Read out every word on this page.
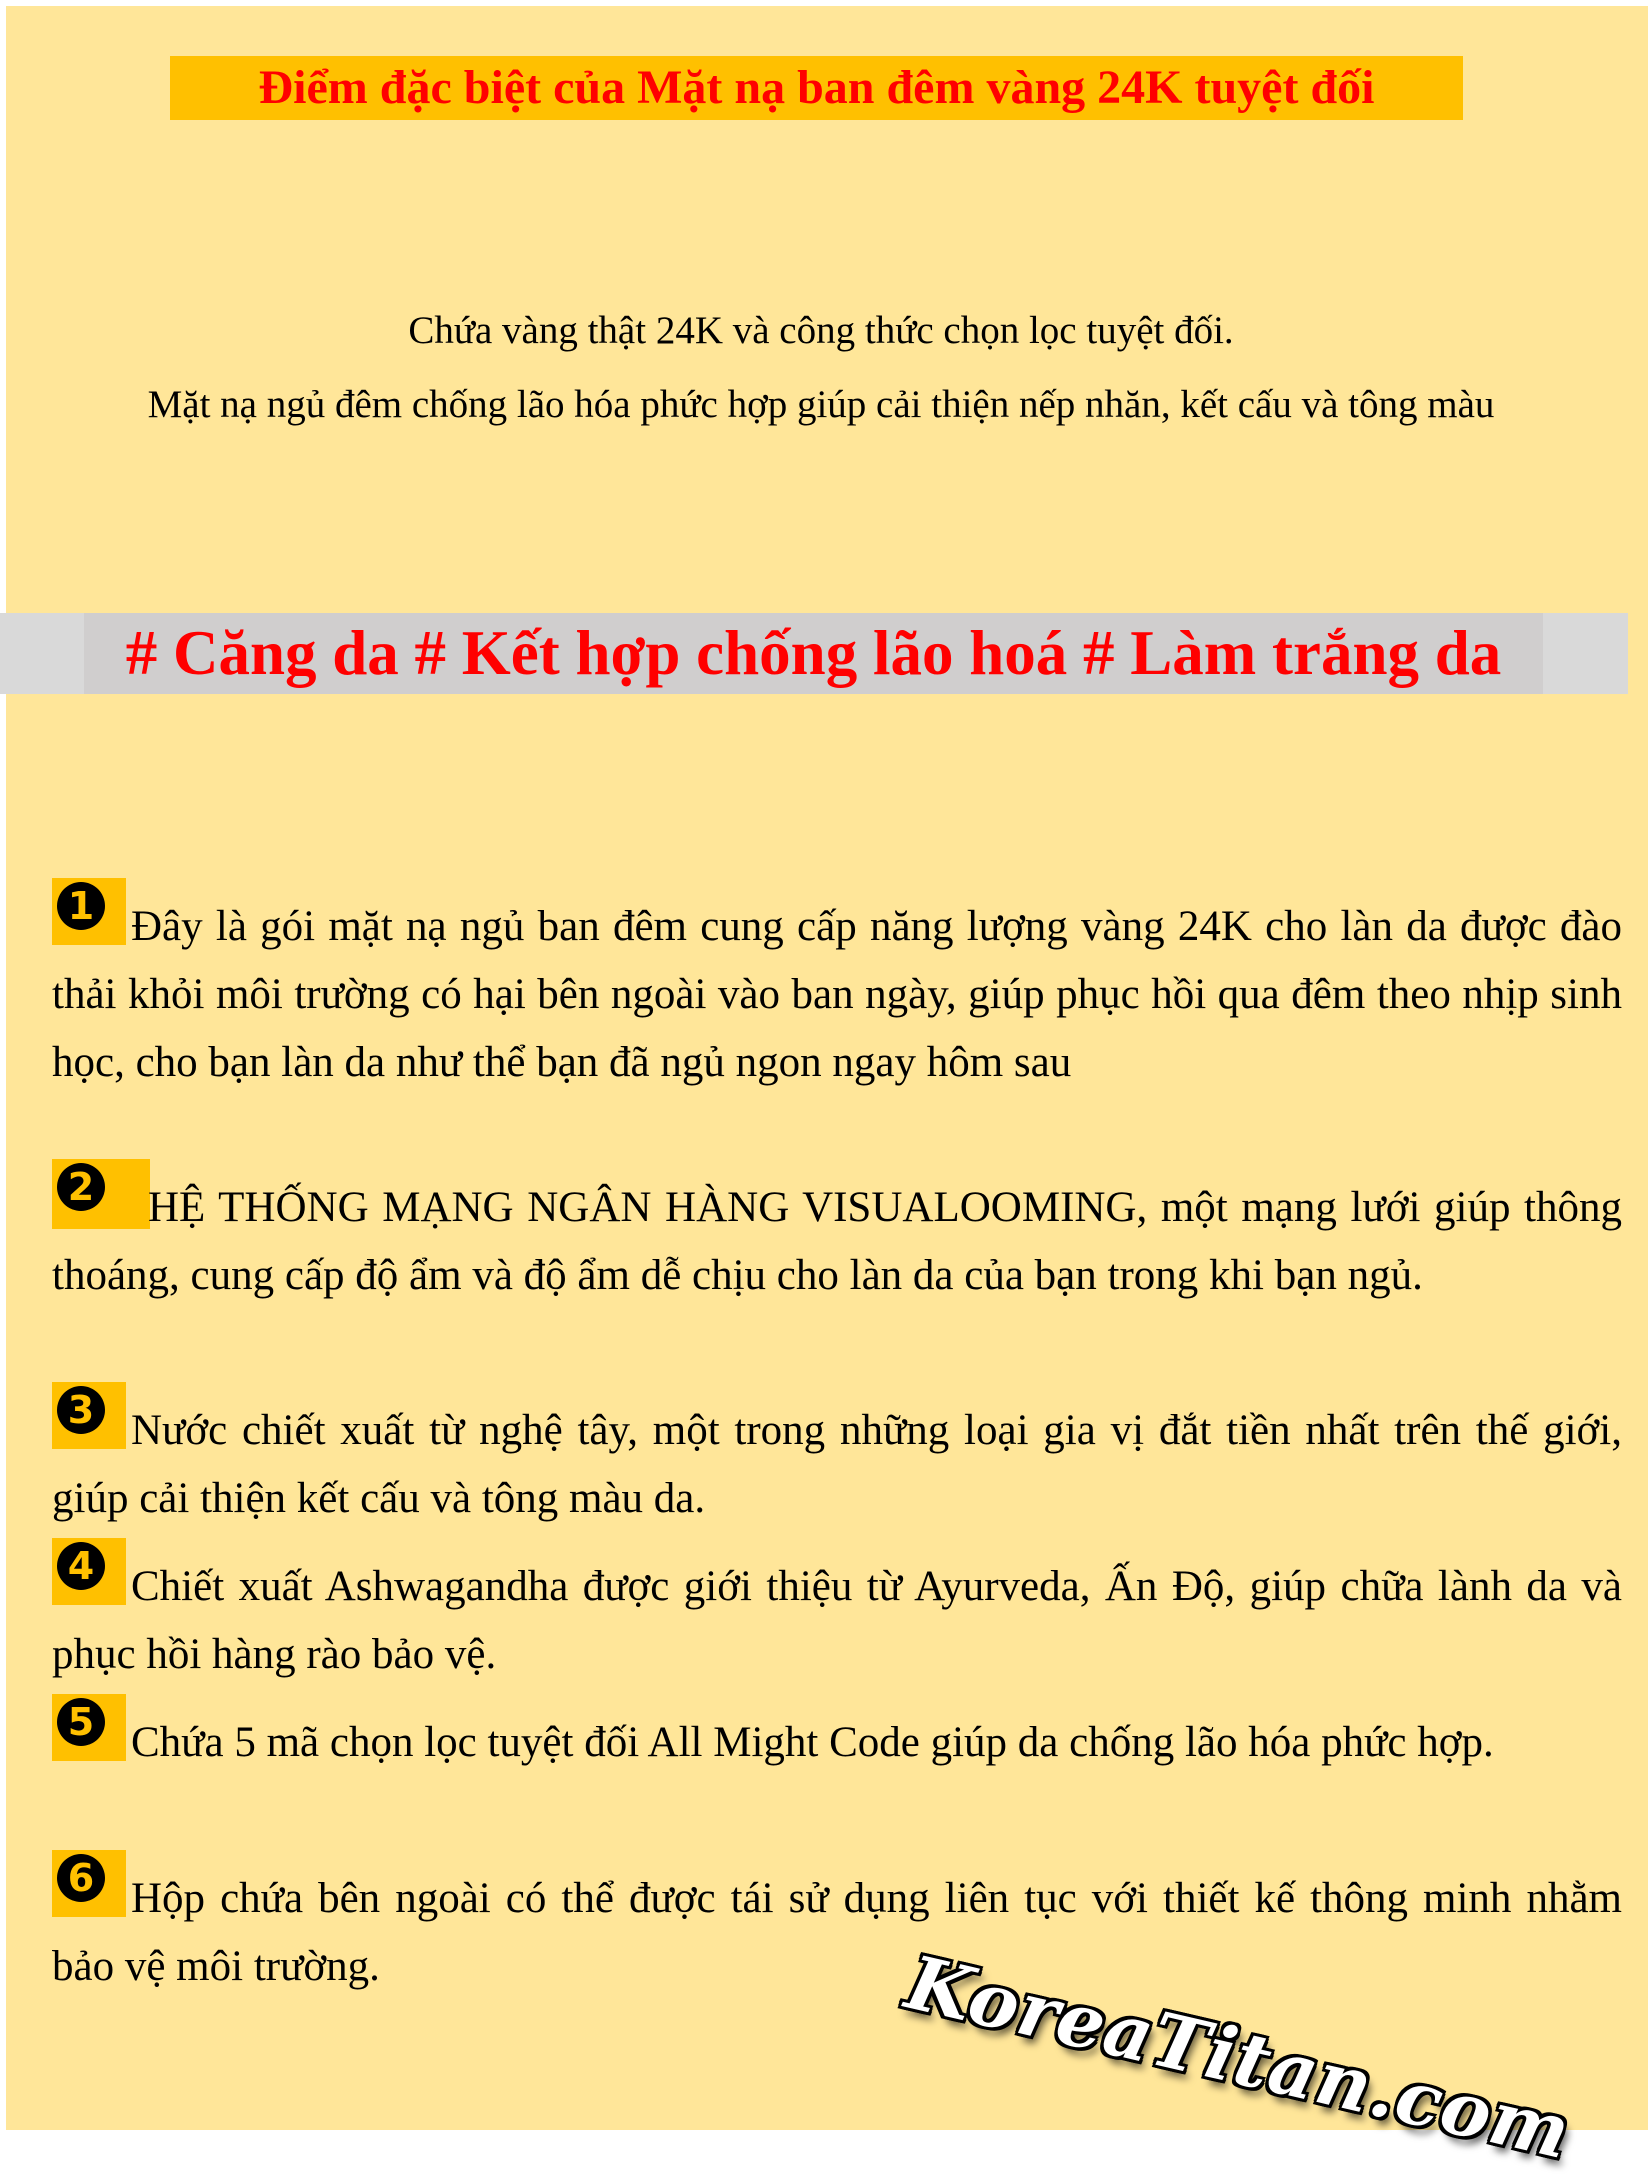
Điểm đặc biệt của Mặt nạ ban đêm vàng 24K tuyệt đối
Chứa vàng thật 24K và công thức chọn lọc tuyệt đối.
Mặt nạ ngủ đêm chống lão hóa phức hợp giúp cải thiện nếp nhăn, kết cấu và tông màu
# Căng da # Kết hợp chống lão hoá # Làm trắng da
1 Đây là gói mặt nạ ngủ ban đêm cung cấp năng lượng vàng 24K cho làn da được đào thải khỏi môi trường có hại bên ngoài vào ban ngày, giúp phục hồi qua đêm theo nhịp sinh học, cho bạn làn da như thể bạn đã ngủ ngon ngay hôm sau
2	HỆ THỐNG MẠNG NGÂN HÀNG VISUALOOMING, một mạng lưới giúp thông thoáng, cung cấp độ ẩm và độ ẩm dễ chịu cho làn da của bạn trong khi bạn ngủ.
3 Nước chiết xuất từ nghệ tây, một trong những loại gia vị đắt tiền nhất trên thế giới, giúp cải thiện kết cấu và tông màu da.
4 Chiết xuất Ashwagandha được giới thiệu từ Ayurveda, Ấn Độ, giúp chữa lành da và phục hồi hàng rào bảo vệ.
5 Chứa 5 mã chọn lọc tuyệt đối All Might Code giúp da chống lão hóa phức hợp.
6 Hộp chứa bên ngoài có thể được tái sử dụng liên tục với thiết kế thông minh nhằm bảo vệ môi trường.	KoreaTitan.com
